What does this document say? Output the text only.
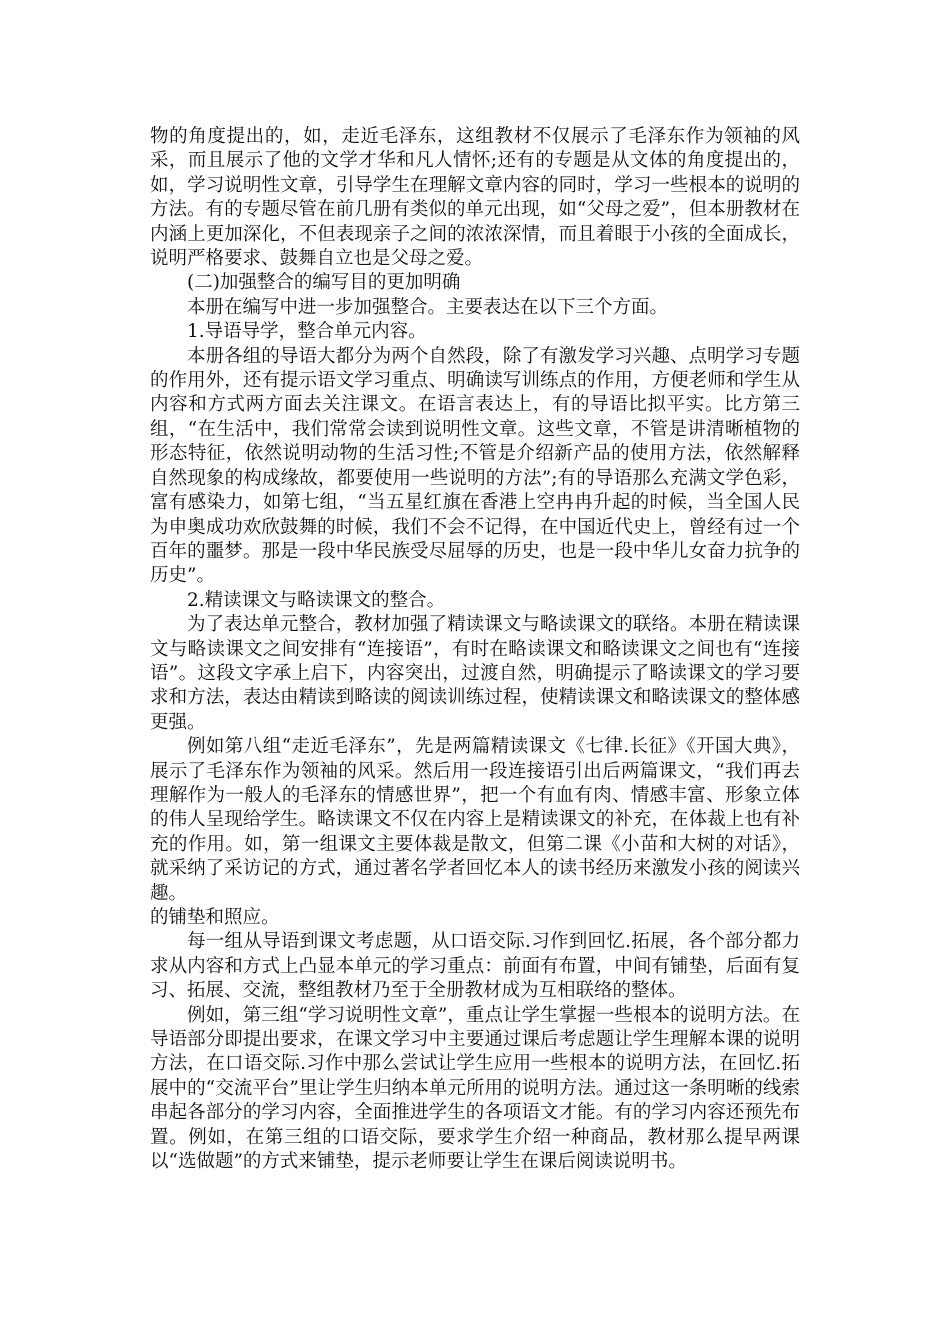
物的角度提出的，如，走近毛泽东，这组教材不仅展示了毛泽东作为领袖的风采，而且展示了他的文学才华和凡人情怀;还有的专题是从文体的角度提出的，如，学习说明性文章，引导学生在理解文章内容的同时，学习一些根本的说明的方法。有的专题尽管在前几册有类似的单元出现，如“父母之爱”，但本册教材在内涵上更加深化，不但表现亲子之间的浓浓深情，而且着眼于小孩的全面成长，说明严格要求、鼓舞自立也是父母之爱。

(二)加强整合的编写目的更加明确

本册在编写中进一步加强整合。主要表达在以下三个方面。

1.导语导学，整合单元内容。

本册各组的导语大都分为两个自然段，除了有激发学习兴趣、点明学习专题的作用外，还有提示语文学习重点、明确读写训练点的作用，方便老师和学生从内容和方式两方面去关注课文。在语言表达上，有的导语比拟平实。比方第三组，“在生活中，我们常常会读到说明性文章。这些文章，不管是讲清晰植物的形态特征，依然说明动物的生活习性;不管是介绍新产品的使用方法，依然解释自然现象的构成缘故，都要使用一些说明的方法”;有的导语那么充满文学色彩，富有感染力，如第七组，“当五星红旗在香港上空冉冉升起的时候，当全国人民为申奥成功欢欣鼓舞的时候，我们不会不记得，在中国近代史上，曾经有过一个百年的噩梦。那是一段中华民族受尽屈辱的历史，也是一段中华儿女奋力抗争的历史”。

2.精读课文与略读课文的整合。

为了表达单元整合，教材加强了精读课文与略读课文的联络。本册在精读课文与略读课文之间安排有“连接语”，有时在略读课文和略读课文之间也有“连接语”。这段文字承上启下，内容突出，过渡自然，明确提示了略读课文的学习要求和方法，表达由精读到略读的阅读训练过程，使精读课文和略读课文的整体感更强。

例如第八组“走近毛泽东”，先是两篇精读课文《七律.长征》《开国大典》，展示了毛泽东作为领袖的风采。然后用一段连接语引出后两篇课文，“我们再去理解作为一般人的毛泽东的情感世界”，把一个有血有肉、情感丰富、形象立体的伟人呈现给学生。略读课文不仅在内容上是精读课文的补充，在体裁上也有补充的作用。如，第一组课文主要体裁是散文，但第二课《小苗和大树的对话》，就采纳了采访记的方式，通过著名学者回忆本人的读书经历来激发小孩的阅读兴趣。

的铺垫和照应。

每一组从导语到课文考虑题，从口语交际.习作到回忆.拓展，各个部分都力求从内容和方式上凸显本单元的学习重点：前面有布置，中间有铺垫，后面有复习、拓展、交流，整组教材乃至于全册教材成为互相联络的整体。

例如，第三组“学习说明性文章”，重点让学生掌握一些根本的说明方法。在导语部分即提出要求，在课文学习中主要通过课后考虑题让学生理解本课的说明方法，在口语交际.习作中那么尝试让学生应用一些根本的说明方法，在回忆.拓展中的“交流平台”里让学生归纳本单元所用的说明方法。通过这一条明晰的线索串起各部分的学习内容，全面推进学生的各项语文才能。有的学习内容还预先布置。例如，在第三组的口语交际，要求学生介绍一种商品，教材那么提早两课以“选做题”的方式来铺垫，提示老师要让学生在课后阅读说明书。
